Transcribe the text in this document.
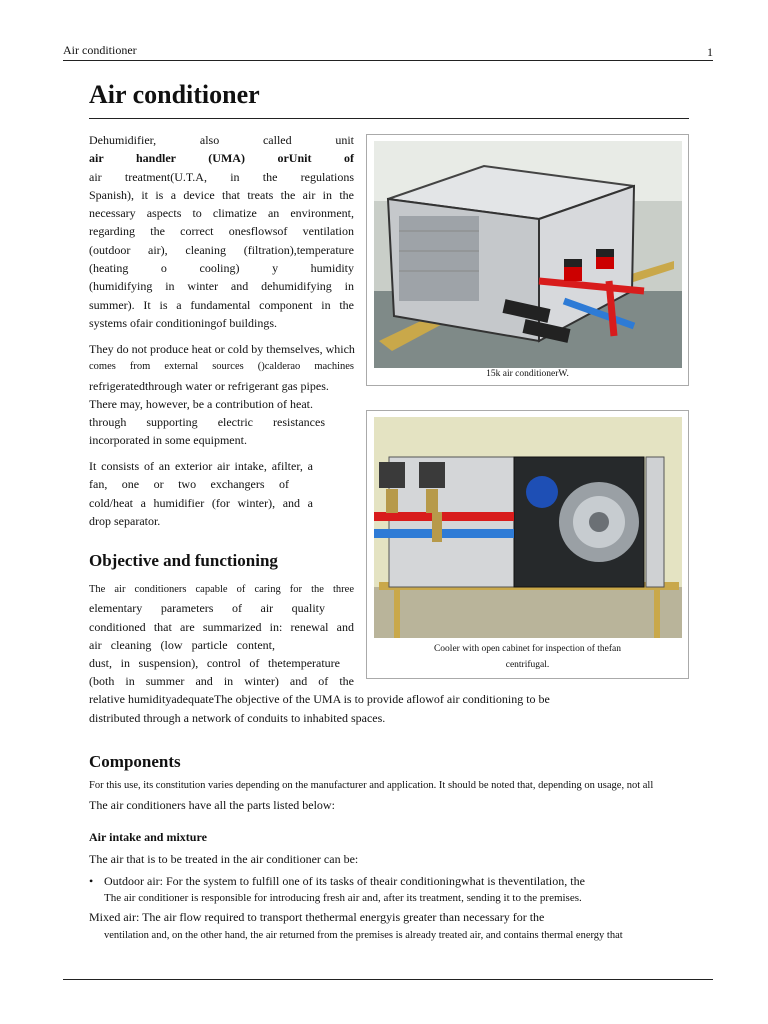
Air conditioner	1
Air conditioner

Dehumidifier, also called unit

air handler (UMA) orUnit of

air treatment(U.T.A, in the regulations

Spanish), it is a device that treats the air in the

necessary aspects to climatize an environment,

regarding the correct onesflowsof ventilation

(outdoor air), cleaning (filtration),temperature

(heating o cooling) y humidity

(humidifying in winter and dehumidifying in

summer). It is a fundamental component in the

systems ofair conditioningof buildings.

They do not produce heat or cold by themselves, which

comes from external sources ()calderao machines

refrigeratedthrough water or refrigerant gas pipes.

There may, however, be a contribution of heat.

through supporting electric resistances

incorporated in some equipment.

It consists of an exterior air intake, afilter, a

fan, one or two exchangers of

cold/heat a humidifier (for winter), and a

drop separator.

15k air conditionerW.
Cooler with open cabinet for inspection of thefan
centrifugal.
Objective and functioning

The air conditioners capable of caring for the three

elementary parameters of air quality

conditioned that are summarized in: renewal and

air cleaning (low particle content,

dust, in suspension), control of thetemperature

(both in summer and in winter) and of the

relative humidityadequateThe objective of the UMA is to provide aflowof air conditioning to be
distributed through a network of conduits to inhabited spaces.
Components
For this use, its constitution varies depending on the manufacturer and application. It should be noted that, depending on usage, not all
The air conditioners have all the parts listed below:
Air intake and mixture
The air that is to be treated in the air conditioner can be:
• Outdoor air: For the system to fulfill one of its tasks of theair conditioningwhat is theventilation, the
The air conditioner is responsible for introducing fresh air and, after its treatment, sending it to the premises.
Mixed air: The air flow required to transport thethermal energyis greater than necessary for the
ventilation and, on the other hand, the air returned from the premises is already treated air, and contains thermal energy that
